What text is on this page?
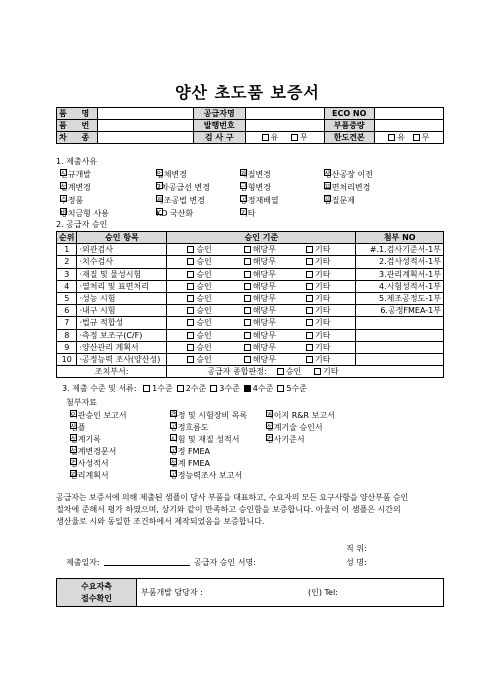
양산 초도품 보증서
품 명		공급자명		ECO NO	
품 번		발행번호		부품중량	
차 종		검 사 구	유 무	한도견본	유 무
1. 제출사유
신규개발	업체변경	재질변경	생산공장 이전
설계변경	2차공급선 변경	금형변경	표면처리변경
수정품	제조공법 변경	공정재배열	품질문제
방치금형 사용	KD 국산화	기타
2. 공급자 승인
순위	승인 항목	승인 기준	첨부 NO
1	·외관검사	승인 해당무 기타	#.1.검사기준서-1부
2	·치수검사	승인 해당무 기타	2.검사성적서-1부
3	·재질 및 물성시험	승인 해당무 기타	3.관리계획서-1부
4	·열처리 및 표면처리	승인 해당무 기타	4.시험성적서-1부
5	·성능 시험	승인 해당무 기타	5.제조공정도-1부
6	·내구 시험	승인 해당무 기타	6.공정FMEA-1부
7	·법규 적합성	승인 해당무 기타	
8	·측정 보조구(C/F)	승인 해당무 기타	
9	·양산관리 계획서	승인 해당무 기타	
10	·공정능력 조사(양산성)	승인 해당무 기타	
조치부서:		공급자 종합판정: 승인 기타	
3. 제출 수준 및 서류: 1수준 2수준 3수준 4수준 5수준
첨부자료
외관승인 보고서	측정 및 시험장비 목록 게이지 R&R 보고서
샘플	공정흐름도	설계기술 승인서
설계기록	시험 및 재질 성적서	검사기준서
설계변경문서	공정 FMEA
검사성적서	설계 FMEA
관리계획서	공정능력조사 보고서
공급자는 보증서에 의해 제출된 샘플이 당사 부품을 대표하고, 수요자의 모든 요구사항을 양산부품 승인
절차에 준해서 평가 하였으며, 상기와 같이 만족하고 승인함을 보증합니다. 아울러 이 샘플은 시간의
생산율로 시와 동일한 조건하에서 제작되었음을 보증합니다.
직 위:
제출일자:	공급자 승인 서명:	성 명:
수요자측
접수확인
	부품개발 담당자 :	(인) Tel:
